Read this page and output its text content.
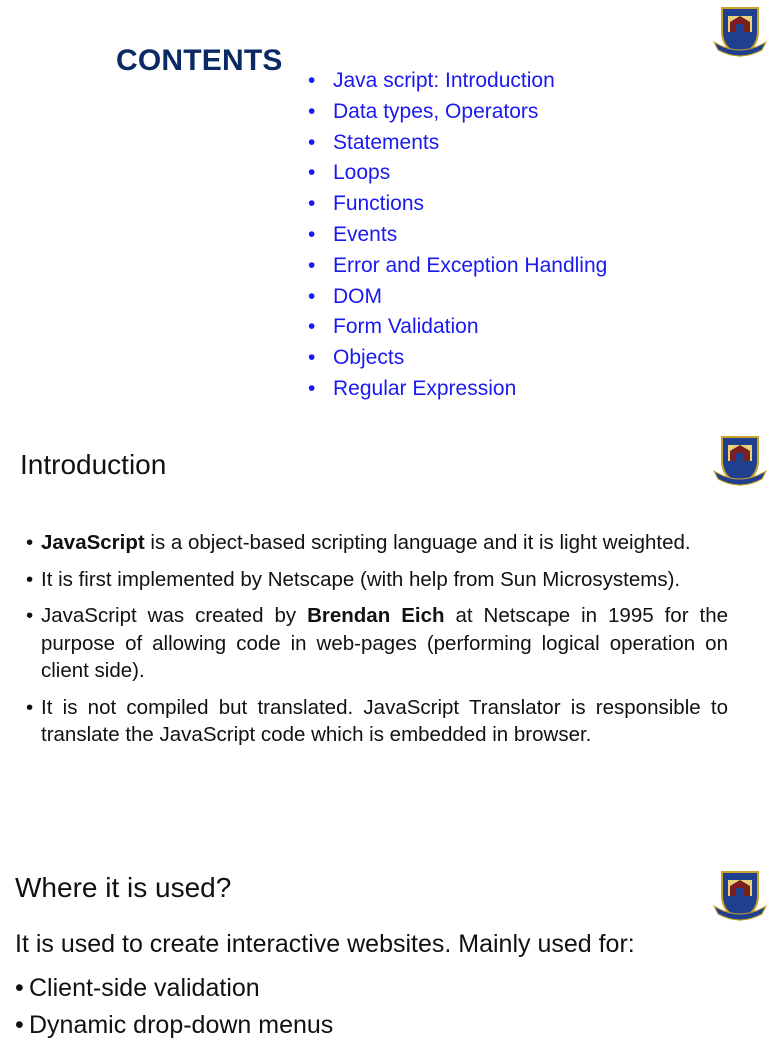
CONTENTS
• Java script: Introduction
• Data types, Operators
• Statements
• Loops
• Functions
• Events
• Error and Exception Handling
• DOM
• Form Validation
• Objects
• Regular Expression
Introduction
• JavaScript is a object-based scripting language and it is light weighted.
• It is first implemented by Netscape (with help from Sun Microsystems).
• JavaScript was created by Brendan Eich at Netscape in 1995 for the purpose of allowing code in web-pages (performing logical operation on client side).
• It is not compiled but translated. JavaScript Translator is responsible to translate the JavaScript code which is embedded in browser.
Where it is used?
It is used to create interactive websites. Mainly used for:
• Client-side validation
• Dynamic drop-down menus
